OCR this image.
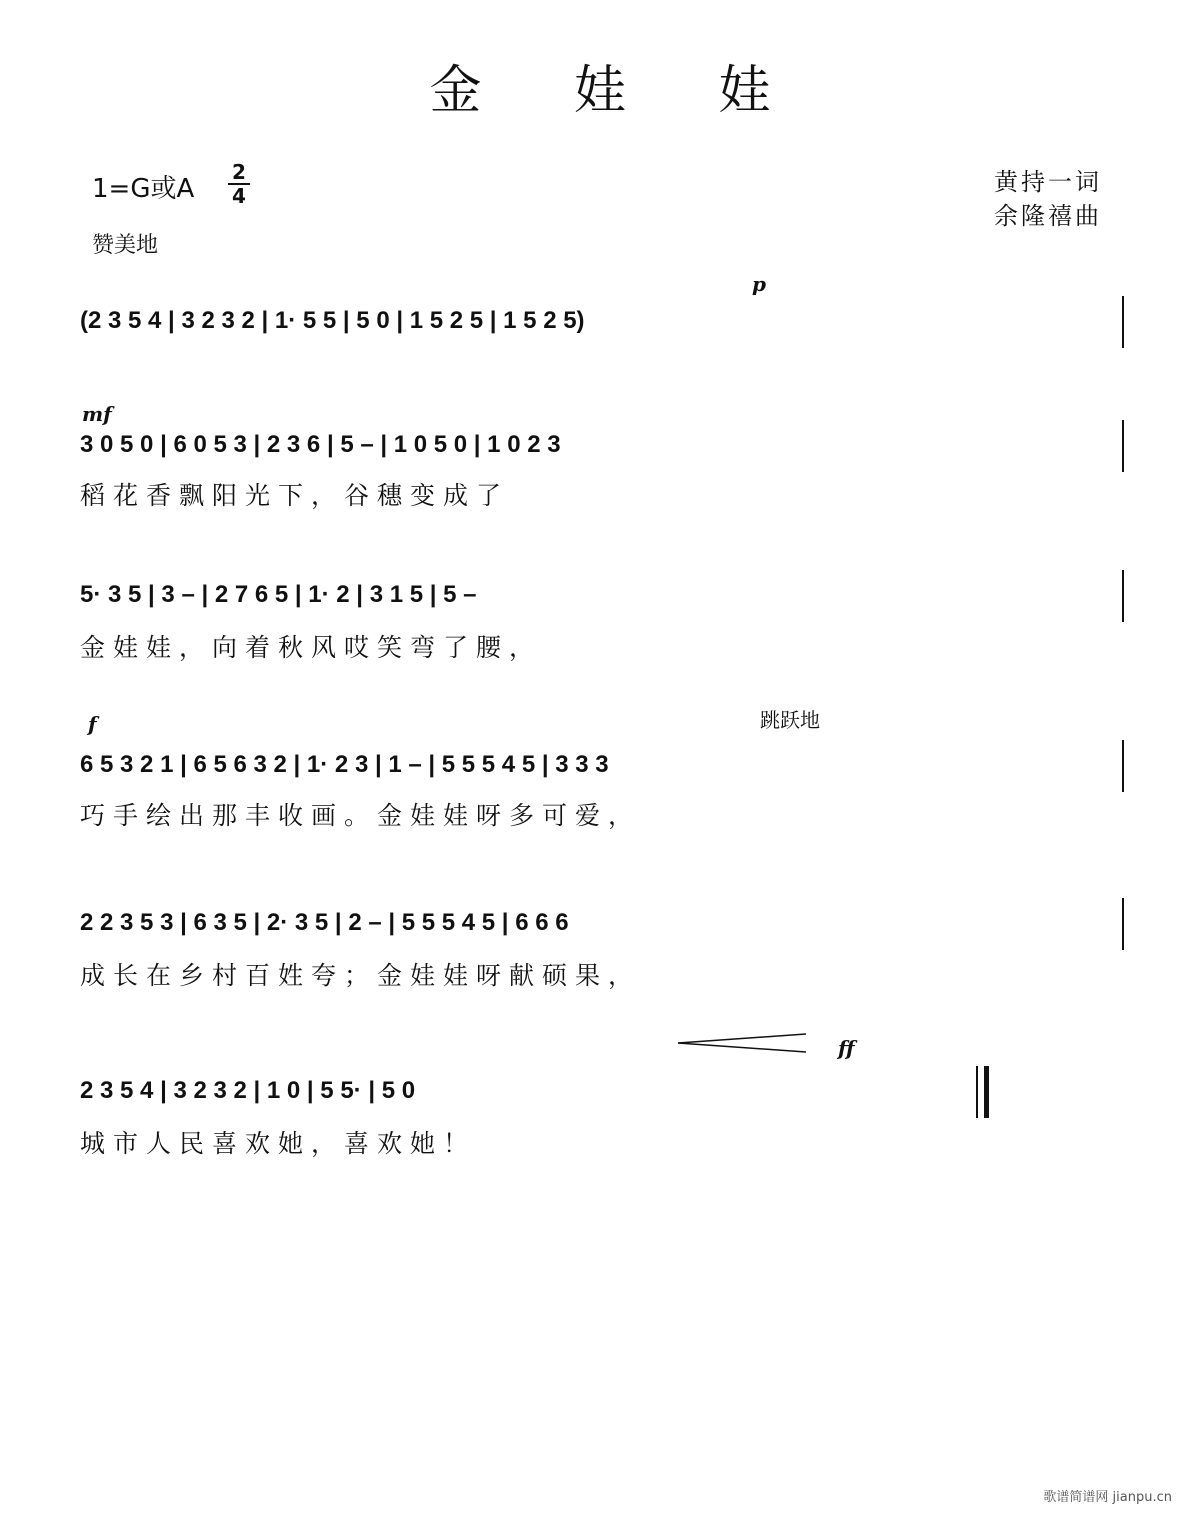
金 娃 娃
1=G或A
2
4
赞美地
黄持一词
余隆禧曲
p
mf
f
ff
跳跃地
(2 3 5 4 | 3 2 3 2 | 1· 5 5 | 5 0 | 1 5 2 5 | 1 5 2 5)
3 0 5 0 | 6 0 5 3 | 2 3 6 | 5 – | 1 0 5 0 | 1 0 2 3
稻花香飘阳光下，谷穗变成了
5· 3 5 | 3 – | 2 7 6 5 | 1· 2 | 3 1 5 | 5 –
金娃娃，向着秋风哎笑弯了腰，
6 5 3 2 1 | 6 5 6 3 2 | 1· 2 3 | 1 – | 5 5 5 4 5 | 3 3 3
巧手绘出那丰收画。金娃娃呀多可爱，
2 2 3 5 3 | 6 3 5 | 2· 3 5 | 2 – | 5 5 5 4 5 | 6 6 6
成长在乡村百姓夸；金娃娃呀献硕果，
2 3 5 4 | 3 2 3 2 | 1 0 | 5 5· | 5 0
城市人民喜欢她，喜欢她！
歌谱简谱网 jianpu.cn
